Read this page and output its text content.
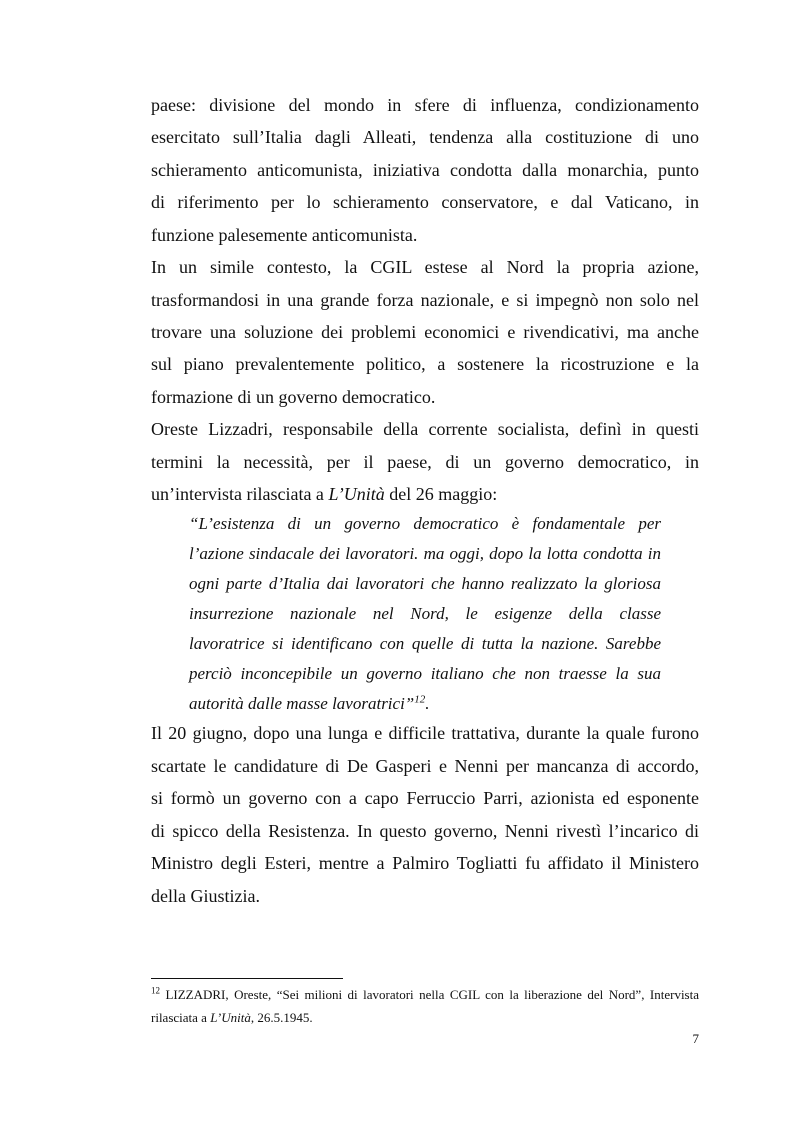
paese: divisione del mondo in sfere di influenza, condizionamento
esercitato sull’Italia dagli Alleati, tendenza alla costituzione di uno
schieramento anticomunista, iniziativa condotta dalla monarchia, punto
di riferimento per lo schieramento conservatore, e dal Vaticano, in
funzione palesemente anticomunista.
In un simile contesto, la CGIL estese al Nord la propria azione,
trasformandosi in una grande forza nazionale, e si impegnò non solo nel
trovare una soluzione dei problemi economici e rivendicativi, ma anche
sul piano prevalentemente politico, a sostenere la ricostruzione e la
formazione di un governo democratico.
Oreste Lizzadri, responsabile della corrente socialista, definì in questi
termini la necessità, per il paese, di un governo democratico, in
un’intervista rilasciata a L’Unità del 26 maggio:
“L’esistenza di un governo democratico è fondamentale per
l’azione sindacale dei lavoratori. ma oggi, dopo la lotta condotta in
ogni parte d’Italia dai lavoratori che hanno realizzato la gloriosa
insurrezione nazionale nel Nord, le esigenze della classe
lavoratrice si identificano con quelle di tutta la nazione. Sarebbe
perciò inconcepibile un governo italiano che non traesse la sua
autorità dalle masse lavoratrici”$^{12}$.
Il 20 giugno, dopo una lunga e difficile trattativa, durante la quale furono
scartate le candidature di De Gasperi e Nenni per mancanza di accordo,
si formò un governo con a capo Ferruccio Parri, azionista ed esponente
di spicco della Resistenza. In questo governo, Nenni rivestì l’incarico di
Ministro degli Esteri, mentre a Palmiro Togliatti fu affidato il Ministero
della Giustizia.
$^{12}$ LIZZADRI, Oreste, “Sei milioni di lavoratori nella CGIL con la liberazione del Nord”, Intervista
rilasciata a L’Unità, 26.5.1945.
7
